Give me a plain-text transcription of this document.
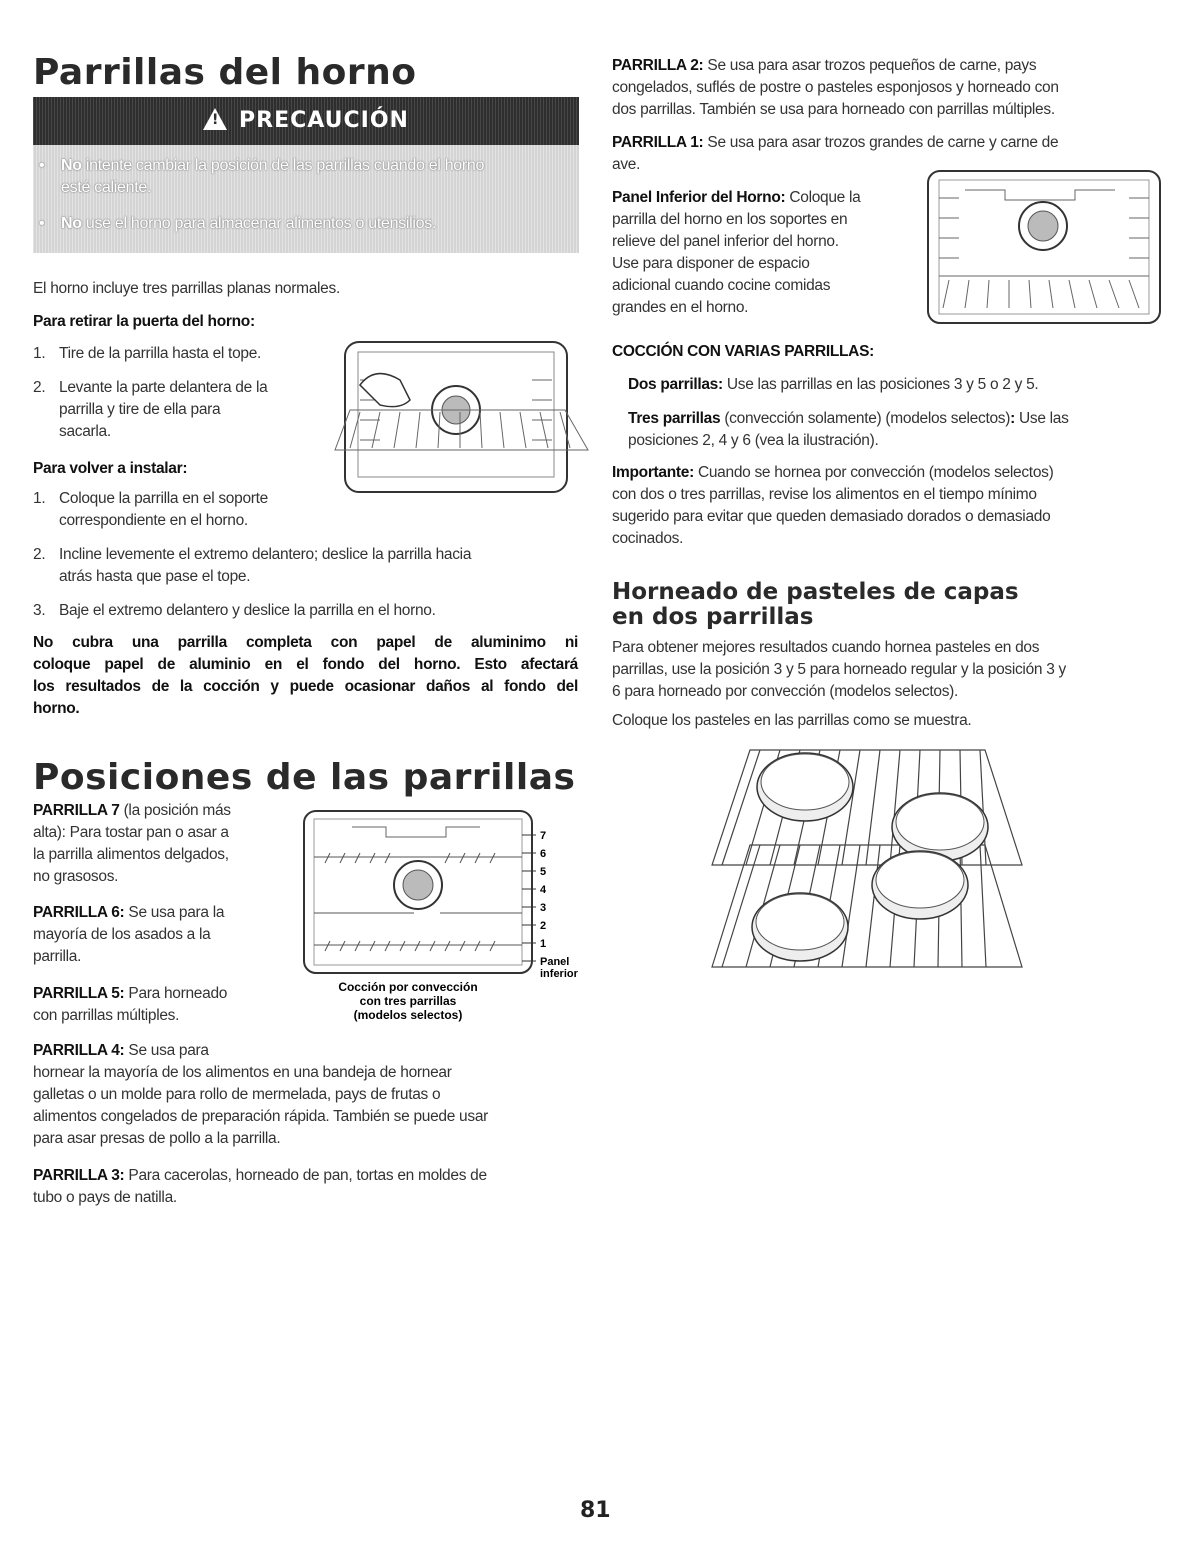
Parrillas del horno
! PRECAUCIÓN
• No intente cambiar la posición de las parrillas cuando el horno
esté caliente.
• No use el horno para almacenar alimentos o utensilios.

El horno incluye tres parrillas planas normales.

Para retirar la puerta del horno:

1. Tire de la parrilla hasta el tope.
2. Levante la parte delantera de la
parrilla y tire de ella para
sacarla.

Para volver a instalar:

1. Coloque la parrilla en el soporte
correspondiente en el horno.
2. Incline levemente el extremo delantero; deslice la parrilla hacia
atrás hasta que pase el tope.
3. Baje el extremo delantero y deslice la parrilla en el horno.
No cubra una parrilla completa con papel de aluminimo ni
coloque papel de aluminio en el fondo del horno. Esto afectará
los resultados de la cocción y puede ocasionar daños al fondo del
horno.
Posiciones de las parrillas
PARRILLA 7 (la posición más
alta): Para tostar pan o asar a
la parrilla alimentos delgados,
no grasosos.
PARRILLA 6: Se usa para la
mayoría de los asados a la
parrilla.
PARRILLA 5: Para horneado
con parrillas múltiples.
PARRILLA 4: Se usa para
hornear la mayoría de los alimentos en una bandeja de hornear
galletas o un molde para rollo de mermelada, pays de frutas o
alimentos congelados de preparación rápida. También se puede usar
para asar presas de pollo a la parrilla.
PARRILLA 3: Para cacerolas, horneado de pan, tortas en moldes de
tubo o pays de natilla.
7
6
5
4
3
2
1
Panel
inferior
Cocción por convección
con tres parrillas
(modelos selectos)
PARRILLA 2: Se usa para asar trozos pequeños de carne, pays
congelados, suflés de postre o pasteles esponjosos y horneado con
dos parrillas. También se usa para horneado con parrillas múltiples.
PARRILLA 1: Se usa para asar trozos grandes de carne y carne de
ave.
Panel Inferior del Horno: Coloque la
parrilla del horno en los soportes en
relieve del panel inferior del horno.
Use para disponer de espacio
adicional cuando cocine comidas
grandes en el horno.

COCCIÓN CON VARIAS PARRILLAS:

Dos parrillas: Use las parrillas en las posiciones 3 y 5 o 2 y 5.
Tres parrillas (convección solamente) (modelos selectos): Use las
posiciones 2, 4 y 6 (vea la ilustración).
Importante: Cuando se hornea por convección (modelos selectos)
con dos o tres parrillas, revise los alimentos en el tiempo mínimo
sugerido para evitar que queden demasiado dorados o demasiado
cocinados.
Horneado de pasteles de capas
en dos parrillas
Para obtener mejores resultados cuando hornea pasteles en dos
parrillas, use la posición 3 y 5 para horneado regular y la posición 3 y
6 para horneado por convección (modelos selectos).

Coloque los pasteles en las parrillas como se muestra.

81
